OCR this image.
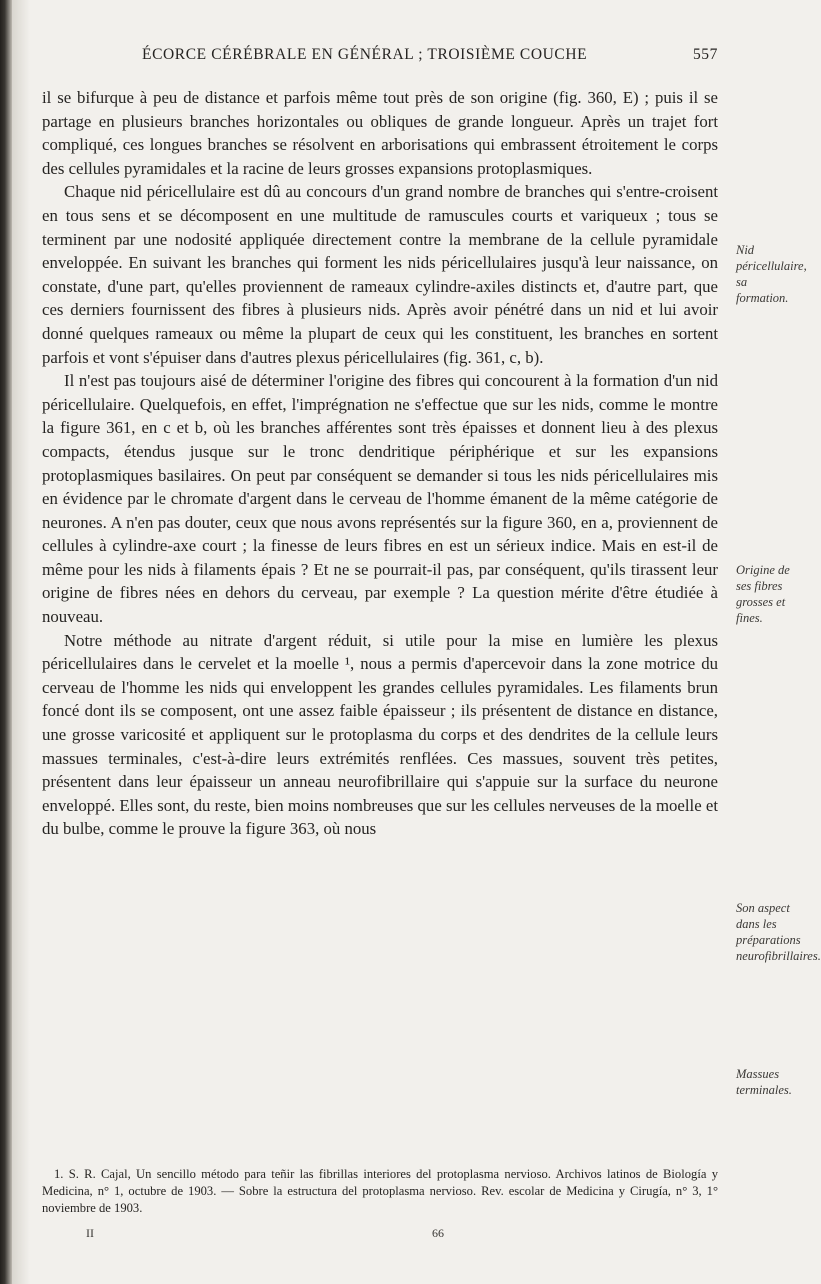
ÉCORCE CÉRÉBRALE EN GÉNÉRAL ; TROISIÈME COUCHE	557

il se bifurque à peu de distance et parfois même tout près de son origine (fig. 360, E) ; puis il se partage en plusieurs branches horizontales ou obliques de grande longueur. Après un trajet fort compliqué, ces longues branches se résolvent en arborisations qui embrassent étroitement le corps des cellules pyramidales et la racine de leurs grosses expansions protoplasmiques.

Chaque nid péricellulaire est dû au concours d'un grand nombre de branches qui s'entre-croisent en tous sens et se décomposent en une multitude de ramuscules courts et variqueux ; tous se terminent par une nodosité appliquée directement contre la membrane de la cellule pyramidale enveloppée. En suivant les branches qui forment les nids péricellulaires jusqu'à leur naissance, on constate, d'une part, qu'elles proviennent de rameaux cylindre-axiles distincts et, d'autre part, que ces derniers fournissent des fibres à plusieurs nids. Après avoir pénétré dans un nid et lui avoir donné quelques rameaux ou même la plupart de ceux qui les constituent, les branches en sortent parfois et vont s'épuiser dans d'autres plexus péricellulaires (fig. 361, c, b).

Il n'est pas toujours aisé de déterminer l'origine des fibres qui concourent à la formation d'un nid péricellulaire. Quelquefois, en effet, l'imprégnation ne s'effectue que sur les nids, comme le montre la figure 361, en c et b, où les branches afférentes sont très épaisses et donnent lieu à des plexus compacts, étendus jusque sur le tronc dendritique périphérique et sur les expansions protoplasmiques basilaires. On peut par conséquent se demander si tous les nids péricellulaires mis en évidence par le chromate d'argent dans le cerveau de l'homme émanent de la même catégorie de neurones. A n'en pas douter, ceux que nous avons représentés sur la figure 360, en a, proviennent de cellules à cylindre-axe court ; la finesse de leurs fibres en est un sérieux indice. Mais en est-il de même pour les nids à filaments épais ? Et ne se pourrait-il pas, par conséquent, qu'ils tirassent leur origine de fibres nées en dehors du cerveau, par exemple ? La question mérite d'être étudiée à nouveau.

Notre méthode au nitrate d'argent réduit, si utile pour la mise en lumière les plexus péricellulaires dans le cervelet et la moelle ¹, nous a permis d'apercevoir dans la zone motrice du cerveau de l'homme les nids qui enveloppent les grandes cellules pyramidales. Les filaments brun foncé dont ils se composent, ont une assez faible épaisseur ; ils présentent de distance en distance, une grosse varicosité et appliquent sur le protoplasma du corps et des dendrites de la cellule leurs massues terminales, c'est-à-dire leurs extrémités renflées. Ces massues, souvent très petites, présentent dans leur épaisseur un anneau neurofibrillaire qui s'appuie sur la surface du neurone enveloppé. Elles sont, du reste, bien moins nombreuses que sur les cellules nerveuses de la moelle et du bulbe, comme le prouve la figure 363, où nous

Nid péricellulaire, sa formation.
Origine de ses fibres grosses et fines.
Son aspect dans les préparations neurofibrillaires.
Massues terminales.

1. S. R. Cajal, Un sencillo método para teñir las fibrillas interiores del protoplasma nervioso. Archivos latinos de Biología y Medicina, n° 1, octubre de 1903. — Sobre la estructura del protoplasma nervioso. Rev. escolar de Medicina y Cirugía, n° 3, 1° noviembre de 1903.

II	66
